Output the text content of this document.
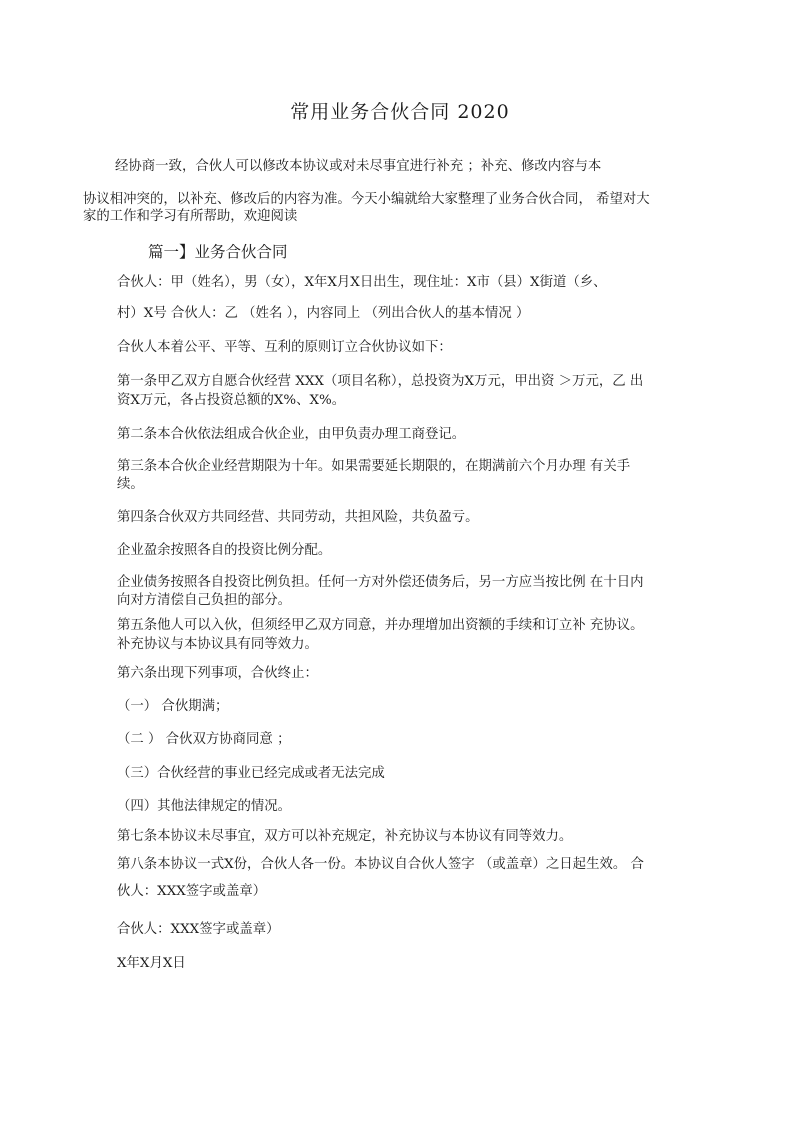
常用业务合伙合同 2020
经协商一致，合伙人可以修改本协议或对未尽事宜进行补充 ；补充、修改内容与本
协议相冲突的，以补充、修改后的内容为准。今天小编就给大家整理了业务合伙合同， 希望对大
家的工作和学习有所帮助，欢迎阅读
篇一】业务合伙合同
合伙人：甲（姓名），男（女），X年X月X日出生，现住址：X市（县）X街道（乡、
村）X号 合伙人：乙 （姓名 ），内容同上 （列出合伙人的基本情况 ）
合伙人本着公平、平等、互利的原则订立合伙协议如下：
第一条甲乙双方自愿合伙经营 XXX（项目名称），总投资为X万元，甲出资 ＞万元，乙 出
资X万元，各占投资总额的X%、X%。
第二条本合伙依法组成合伙企业，由甲负责办理工商登记。
第三条本合伙企业经营期限为十年。如果需要延长期限的，在期满前六个月办理 有关手
续。
第四条合伙双方共同经营、共同劳动，共担风险，共负盈亏。
企业盈余按照各自的投资比例分配。
企业债务按照各自投资比例负担。任何一方对外偿还债务后，另一方应当按比例 在十日内
向对方清偿自己负担的部分。
第五条他人可以入伙，但须经甲乙双方同意，并办理增加出资额的手续和订立补 充协议。
补充协议与本协议具有同等效力。
第六条出现下列事项，合伙终止：
（一） 合伙期满；
（二 ） 合伙双方协商同意 ；
（三）合伙经营的事业已经完成或者无法完成
（四）其他法律规定的情况。
第七条本协议未尽事宜，双方可以补充规定，补充协议与本协议有同等效力。
第八条本协议一式X份，合伙人各一份。本协议自合伙人签字 （或盖章）之日起生效。 合
伙人：XXX签字或盖章）
合伙人：XXX签字或盖章）
X年X月X日
